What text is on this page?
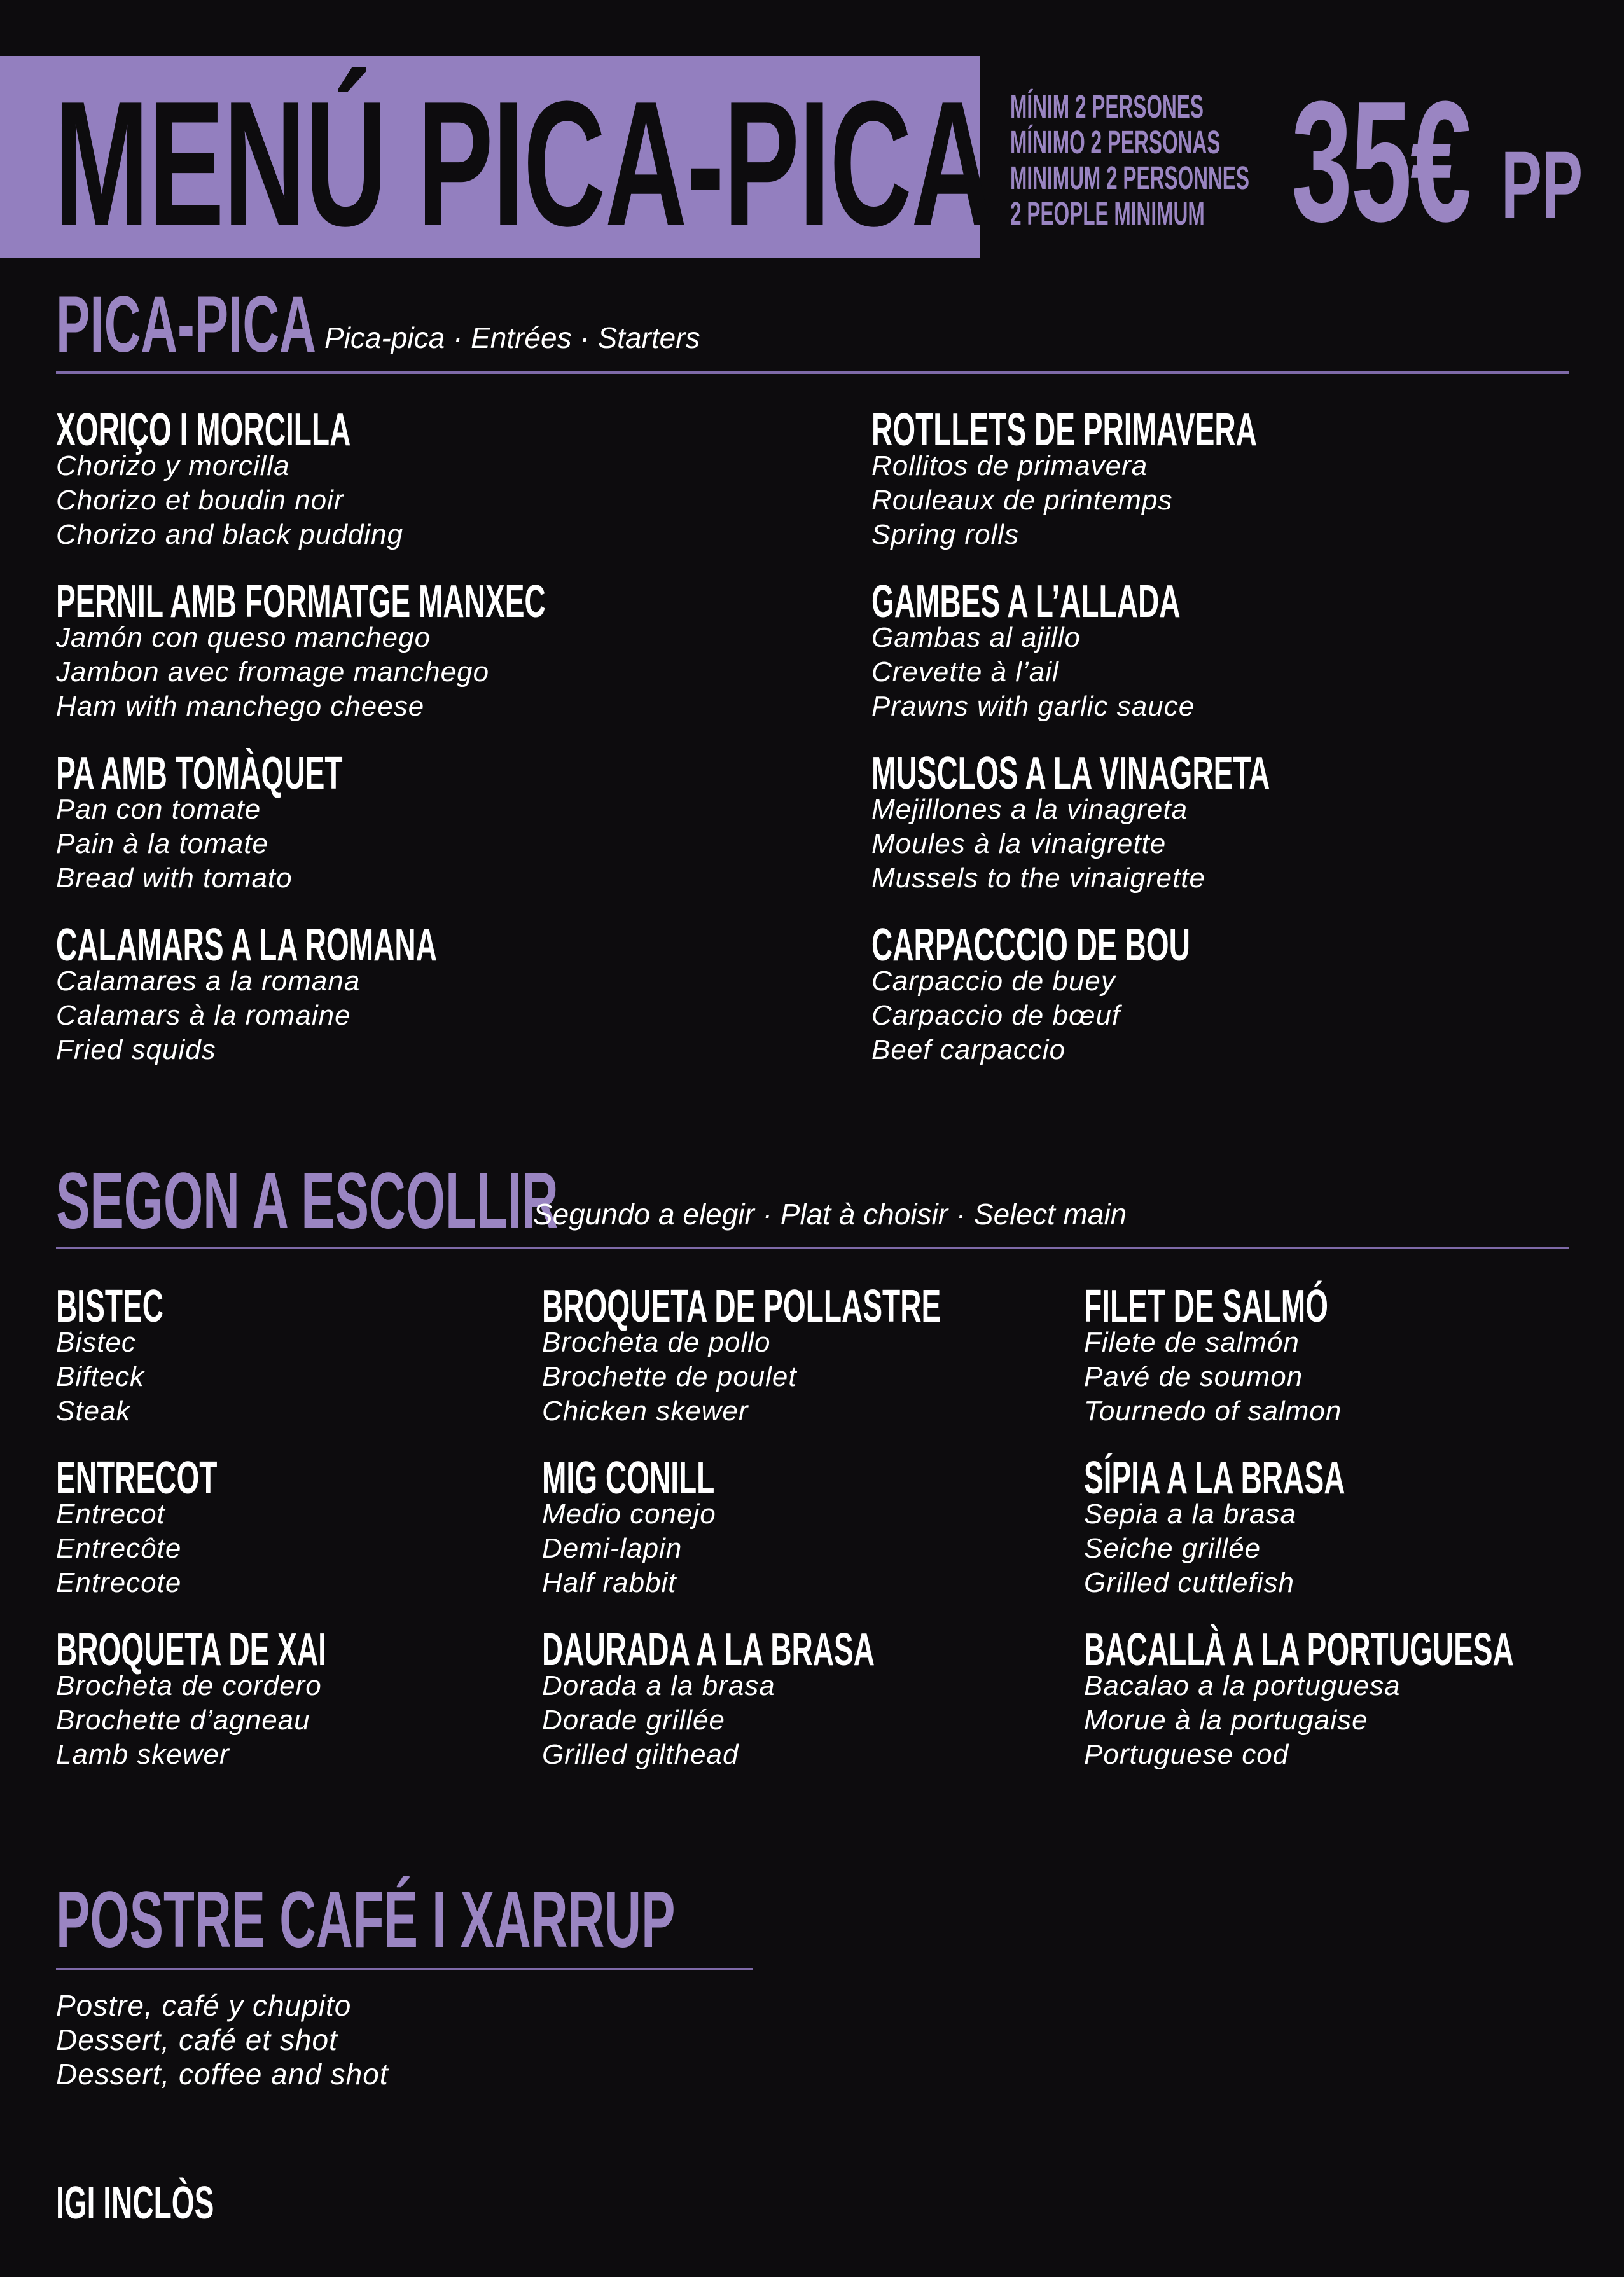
MENÚ PICA-PICA MÍNIM 2 PERSONES
MÍNIMO 2 PERSONAS
MINIMUM 2 PERSONNES
2 PEOPLE MINIMUM 35€ PP
PICA-PICA Pica-pica · Entrées · Starters
XORIÇO I MORCILLA
Chorizo y morcilla
Chorizo et boudin noir
Chorizo and black pudding
PERNIL AMB FORMATGE MANXEC
Jamón con queso manchego
Jambon avec fromage manchego
Ham with manchego cheese
PA AMB TOMÀQUET
Pan con tomate
Pain à la tomate
Bread with tomato
CALAMARS A LA ROMANA
Calamares a la romana
Calamars à la romaine
Fried squids
ROTLLETS DE PRIMAVERA
Rollitos de primavera
Rouleaux de printemps
Spring rolls
GAMBES A L’ALLADA
Gambas al ajillo
Crevette à l’ail
Prawns with garlic sauce
MUSCLOS A LA VINAGRETA
Mejillones a la vinagreta
Moules à la vinaigrette
Mussels to the vinaigrette
CARPACCCIO DE BOU
Carpaccio de buey
Carpaccio de bœuf
Beef carpaccio
SEGON A ESCOLLIR
Segundo a elegir · Plat à choisir · Select main
BISTEC
Bistec
Bifteck
Steak
ENTRECOT
Entrecot
Entrecôte
Entrecote
BROQUETA DE XAI
Brocheta de cordero
Brochette d’agneau
Lamb skewer
BROQUETA DE POLLASTRE
Brocheta de pollo
Brochette de poulet
Chicken skewer
MIG CONILL
Medio conejo
Demi-lapin
Half rabbit
DAURADA A LA BRASA
Dorada a la brasa
Dorade grillée
Grilled gilthead
FILET DE SALMÓ
Filete de salmón
Pavé de soumon
Tournedo of salmon
SÍPIA A LA BRASA
Sepia a la brasa
Seiche grillée
Grilled cuttlefish
BACALLÀ A LA PORTUGUESA
Bacalao a la portuguesa
Morue à la portugaise
Portuguese cod
POSTRE CAFÉ I XARRUP
Postre, café y chupito
Dessert, café et shot
Dessert, coffee and shot
IGI INCLÒS
